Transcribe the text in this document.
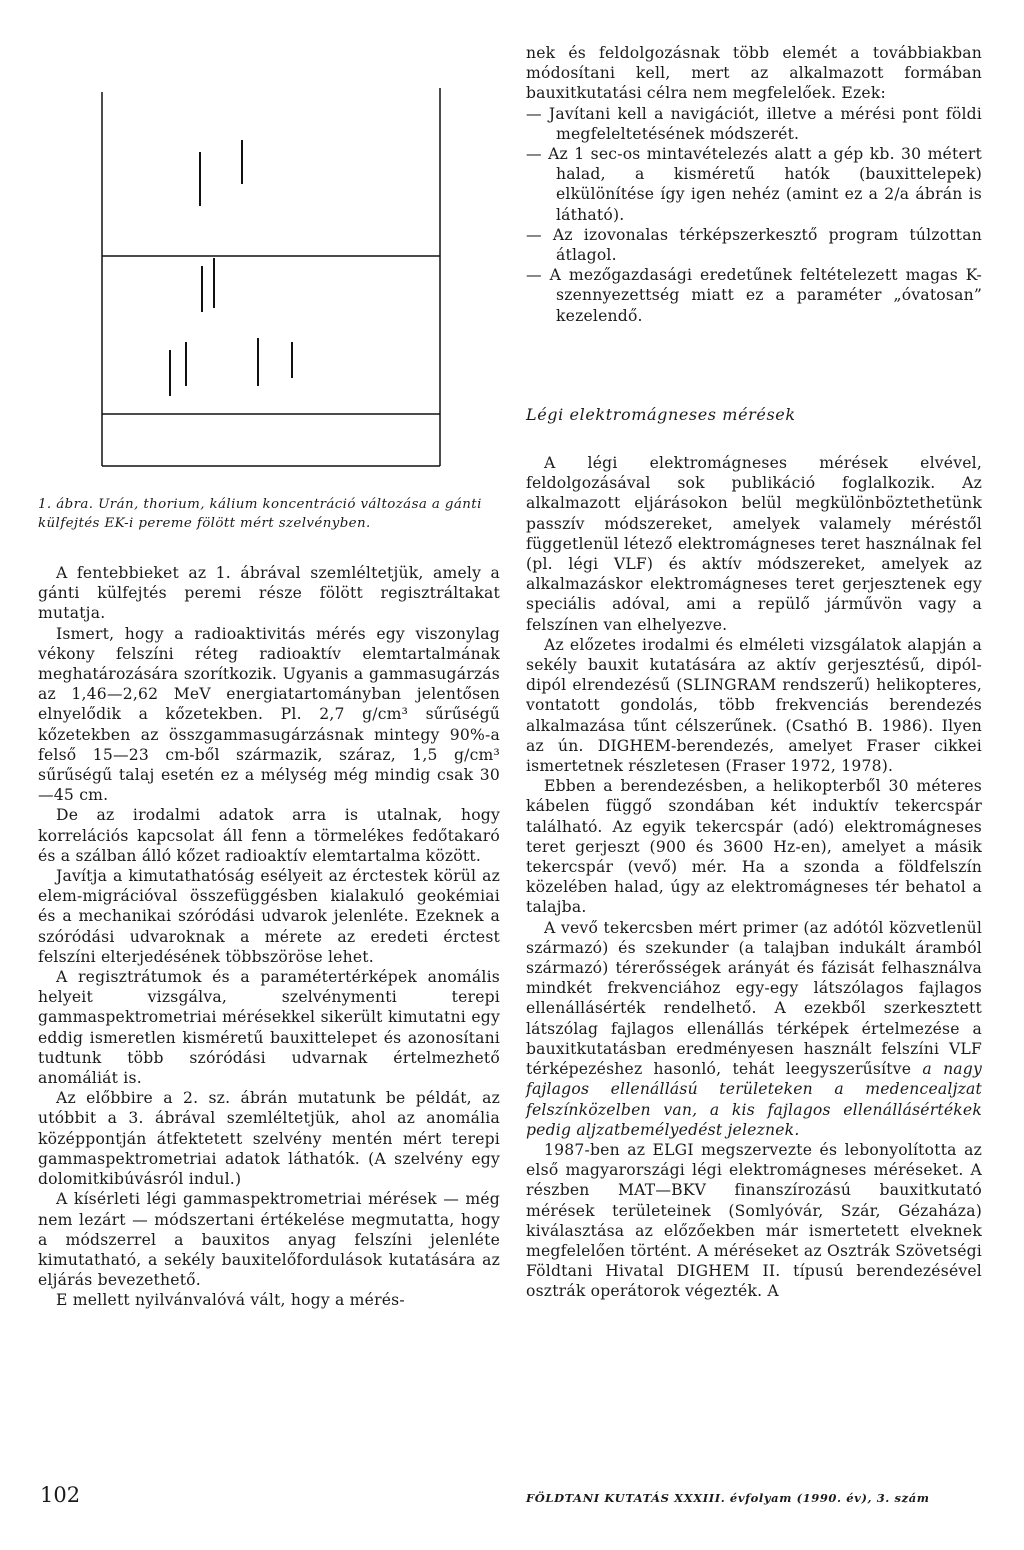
1. ábra. Urán, thorium, kálium koncentráció változása a gánti külfejtés EK-i pereme fölött mért szelvényben.

A fentebbieket az 1. ábrával szemléltetjük, amely a gánti külfejtés peremi része fölött regisztráltakat mutatja.

Ismert, hogy a radioaktivitás mérés egy viszonylag vékony felszíni réteg radioaktív elemtartalmának meghatározására szorítkozik. Ugyanis a gammasugárzás az 1,46—2,62 MeV energiatartományban jelentősen elnyelődik a kőzetekben. Pl. 2,7 g/cm³ sűrűségű kőzetekben az összgammasugárzásnak mintegy 90%-a felső 15—23 cm-ből származik, száraz, 1,5 g/cm³ sűrűségű talaj esetén ez a mélység még mindig csak 30—45 cm.

De az irodalmi adatok arra is utalnak, hogy korrelációs kapcsolat áll fenn a törmelékes fedőtakaró és a szálban álló kőzet radioaktív elemtartalma között.

Javítja a kimutathatóság esélyeit az érctestek körül az elem-migrációval összefüggésben kialakuló geokémiai és a mechanikai szóródási udvarok jelenléte. Ezeknek a szóródási udvaroknak a mérete az eredeti érctest felszíni elterjedésének többszöröse lehet.

A regisztrátumok és a paramétertérképek anomális helyeit vizsgálva, szelvénymenti terepi gammaspektrometriai mérésekkel sikerült kimutatni egy eddig ismeretlen kisméretű bauxittelepet és azonosítani tudtunk több szóródási udvarnak értelmezhető anomáliát is.

Az előbbire a 2. sz. ábrán mutatunk be példát, az utóbbit a 3. ábrával szemléltetjük, ahol az anomália középpontján átfektetett szelvény mentén mért terepi gammaspektrometriai adatok láthatók. (A szelvény egy dolomitkibúvásról indul.)

A kísérleti légi gammaspektrometriai mérések — még nem lezárt — módszertani értékelése megmutatta, hogy a módszerrel a bauxitos anyag felszíni jelenléte kimutatható, a sekély bauxitelőfordulások kutatására az eljárás bevezethető.

E mellett nyilvánvalóvá vált, hogy a mérés-

nek és feldolgozásnak több elemét a továbbiakban módosítani kell, mert az alkalmazott formában bauxitkutatási célra nem megfelelőek. Ezek:

— Javítani kell a navigációt, illetve a mérési pont földi megfeleltetésének módszerét.

— Az 1 sec-os mintavételezés alatt a gép kb. 30 métert halad, a kisméretű hatók (bauxittelepek) elkülönítése így igen nehéz (amint ez a 2/a ábrán is látható).

— Az izovonalas térképszerkesztő program túlzottan átlagol.

— A mezőgazdasági eredetűnek feltételezett magas K-szennyezettség miatt ez a paraméter „óvatosan” kezelendő.

Légi elektromágneses mérések

A légi elektromágneses mérések elvével, feldolgozásával sok publikáció foglalkozik. Az alkalmazott eljárásokon belül megkülönböztethetünk passzív módszereket, amelyek valamely méréstől függetlenül létező elektromágneses teret használnak fel (pl. légi VLF) és aktív módszereket, amelyek az alkalmazáskor elektromágneses teret gerjesztenek egy speciális adóval, ami a repülő járművön vagy a felszínen van elhelyezve.

Az előzetes irodalmi és elméleti vizsgálatok alapján a sekély bauxit kutatására az aktív gerjesztésű, dipól-dipól elrendezésű (SLINGRAM rendszerű) helikopteres, vontatott gondolás, több frekvenciás berendezés alkalmazása tűnt célszerűnek. (Csathó B. 1986). Ilyen az ún. DIGHEM-berendezés, amelyet Fraser cikkei ismertetnek részletesen (Fraser 1972, 1978).

Ebben a berendezésben, a helikopterből 30 méteres kábelen függő szondában két induktív tekercspár található. Az egyik tekercspár (adó) elektromágneses teret gerjeszt (900 és 3600 Hz-en), amelyet a másik tekercspár (vevő) mér. Ha a szonda a földfelszín közelében halad, úgy az elektromágneses tér behatol a talajba.

A vevő tekercsben mért primer (az adótól közvetlenül származó) és szekunder (a talajban indukált áramból származó) térerősségek arányát és fázisát felhasználva mindkét frekvenciához egy-egy látszólagos fajlagos ellenállásérték rendelhető. A ezekből szerkesztett látszólag fajlagos ellenállás térképek értelmezése a bauxitkutatásban eredményesen használt felszíni VLF térképezéshez hasonló, tehát leegyszerűsítve a nagy fajlagos ellenállású területeken a medencealjzat felszínközelben van, a kis fajlagos ellenállásértékek pedig aljzatbemélyedést jeleznek.

1987-ben az ELGI megszervezte és lebonyolította az első magyarországi légi elektromágneses méréseket. A részben MAT—BKV finanszírozású bauxitkutató mérések területeinek (Somlyóvár, Szár, Gézaháza) kiválasztása az előzőekben már ismertetett elveknek megfelelően történt. A méréseket az Osztrák Szövetségi Földtani Hivatal DIGHEM II. típusú berendezésével osztrák operátorok végezték. A

102	FÖLDTANI KUTATÁS XXXIII. évfolyam (1990. év), 3. szám
